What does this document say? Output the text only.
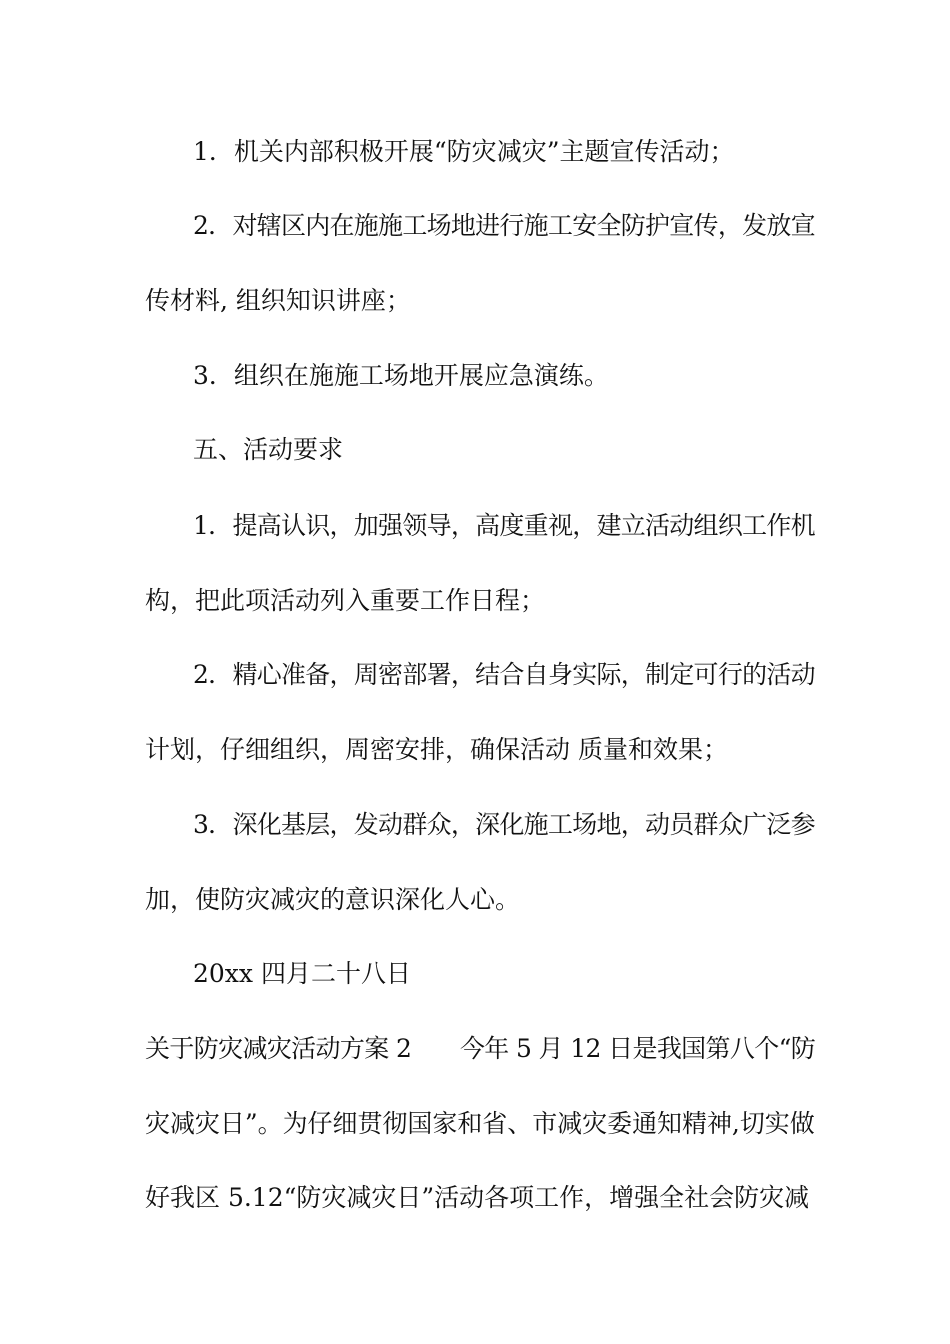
1．机关内部积极开展“防灾减灾”主题宣传活动；
2．对辖区内在施施工场地进行施工安全防护宣传，发放宣
传材料, 组织知识讲座；
3．组织在施施工场地开展应急演练。
五、活动要求
1．提高认识，加强领导，高度重视，建立活动组织工作机
构，把此项活动列入重要工作日程；
2．精心准备，周密部署，结合自身实际，制定可行的活动
计划，仔细组织，周密安排，确保活动 质量和效果；
3．深化基层，发动群众，深化施工场地，动员群众广泛参
加，使防灾减灾的意识深化人心。
20xx 四月二十八日
关于防灾减灾活动方案 2　　今年 5 月 12 日是我国第八个“防
灾减灾日”。为仔细贯彻国家和省、市减灾委通知精神,切实做
好我区 5.12“防灾减灾日”活动各项工作，增强全社会防灾减
